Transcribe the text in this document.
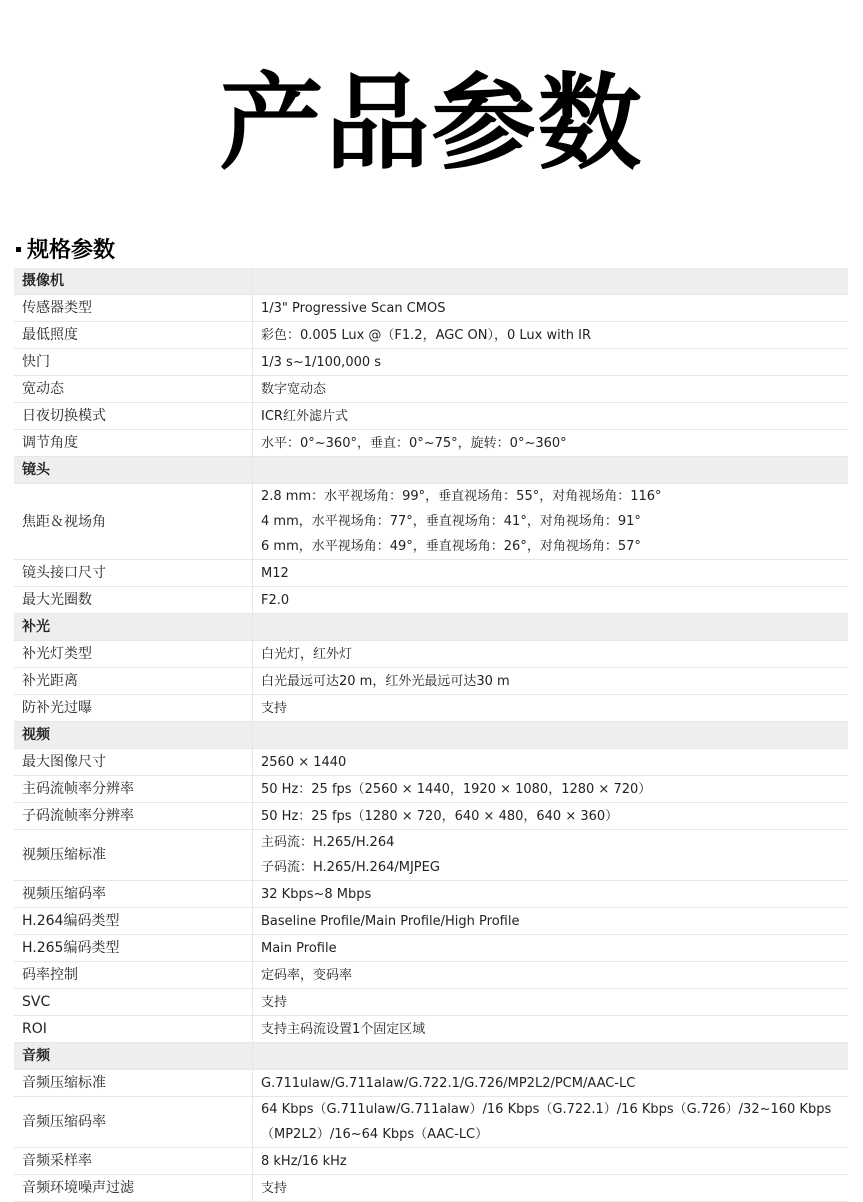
产品参数
规格参数
摄像机	
传感器类型	1/3" Progressive Scan CMOS

最低照度	彩色：0.005 Lux @（F1.2，AGC ON），0 Lux with IR

快门	1/3 s~1/100,000 s

宽动态	数字宽动态

日夜切换模式	ICR红外滤片式

调节角度	水平：0°~360°，垂直：0°~75°，旋转：0°~360°

镜头	
焦距＆视场角	2.8 mm：水平视场角：99°，垂直视场角：55°，对角视场角：116°
4 mm，水平视场角：77°，垂直视场角：41°，对角视场角：91°
6 mm，水平视场角：49°，垂直视场角：26°，对角视场角：57°

镜头接口尺寸	M12

最大光圈数	F2.0

补光	
补光灯类型	白光灯，红外灯

补光距离	白光最远可达20 m，红外光最远可达30 m

防补光过曝	支持

视频	
最大图像尺寸	2560 × 1440

主码流帧率分辨率	50 Hz：25 fps（2560 × 1440，1920 × 1080，1280 × 720）

子码流帧率分辨率	50 Hz：25 fps（1280 × 720，640 × 480，640 × 360）

视频压缩标准	主码流：H.265/H.264
子码流：H.265/H.264/MJPEG

视频压缩码率	32 Kbps~8 Mbps

H.264编码类型	Baseline Profile/Main Profile/High Profile

H.265编码类型	Main Profile

码率控制	定码率，变码率

SVC	支持

ROI	支持主码流设置1个固定区域

音频	
音频压缩标准	G.711ulaw/G.711alaw/G.722.1/G.726/MP2L2/PCM/AAC-LC

音频压缩码率	64 Kbps（G.711ulaw/G.711alaw）/16 Kbps（G.722.1）/16 Kbps（G.726）/32~160 Kbps
（MP2L2）/16~64 Kbps（AAC-LC）

音频采样率	8 kHz/16 kHz

音频环境噪声过滤	支持
